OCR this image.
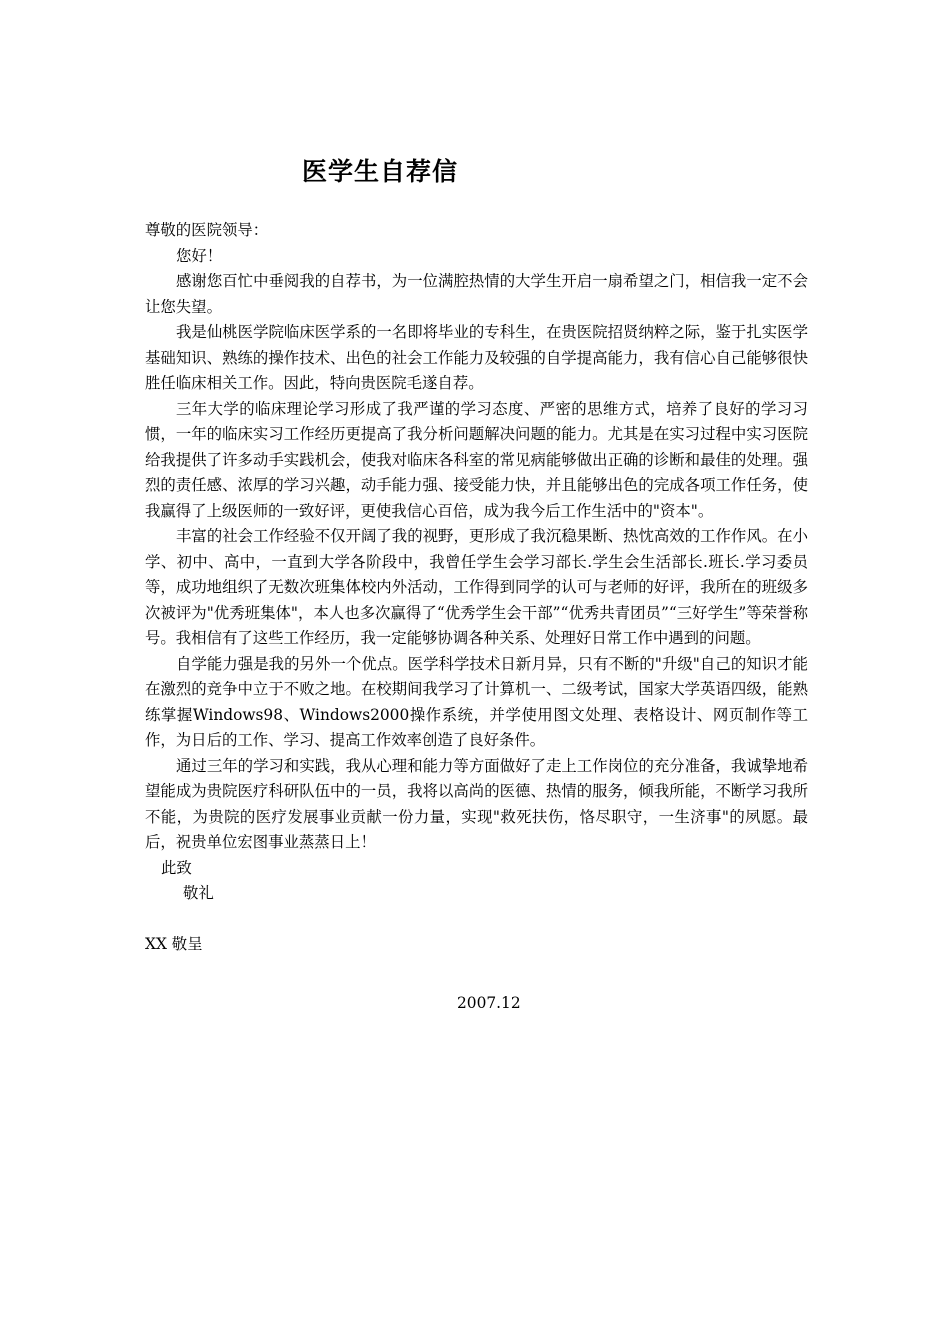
医学生自荐信

尊敬的医院领导：

您好！

感谢您百忙中垂阅我的自荐书，为一位满腔热情的大学生开启一扇希望之门，相信我一定不会让您失望。

我是仙桃医学院临床医学系的一名即将毕业的专科生，在贵医院招贤纳粹之际，鉴于扎实医学基础知识、熟练的操作技术、出色的社会工作能力及较强的自学提高能力，我有信心自己能够很快胜任临床相关工作。因此，特向贵医院毛遂自荐。

三年大学的临床理论学习形成了我严谨的学习态度、严密的思维方式，培养了良好的学习习惯，一年的临床实习工作经历更提高了我分析问题解决问题的能力。尤其是在实习过程中实习医院给我提供了许多动手实践机会，使我对临床各科室的常见病能够做出正确的诊断和最佳的处理。强烈的责任感、浓厚的学习兴趣，动手能力强、接受能力快，并且能够出色的完成各项工作任务，使我赢得了上级医师的一致好评，更使我信心百倍，成为我今后工作生活中的"资本"。

丰富的社会工作经验不仅开阔了我的视野，更形成了我沉稳果断、热忱高效的工作作风。在小学、初中、高中，一直到大学各阶段中，我曾任学生会学习部长.学生会生活部长.班长.学习委员等，成功地组织了无数次班集体校内外活动，工作得到同学的认可与老师的好评，我所在的班级多次被评为"优秀班集体"，本人也多次赢得了“优秀学生会干部”“优秀共青团员”“三好学生”等荣誉称号。我相信有了这些工作经历，我一定能够协调各种关系、处理好日常工作中遇到的问题。

自学能力强是我的另外一个优点。医学科学技术日新月异，只有不断的"升级"自己的知识才能在激烈的竞争中立于不败之地。在校期间我学习了计算机一、二级考试，国家大学英语四级，能熟练掌握Windows98、Windows2000操作系统，并学使用图文处理、表格设计、网页制作等工作，为日后的工作、学习、提高工作效率创造了良好条件。

通过三年的学习和实践，我从心理和能力等方面做好了走上工作岗位的充分准备，我诚挚地希望能成为贵院医疗科研队伍中的一员，我将以高尚的医德、热情的服务，倾我所能，不断学习我所不能，为贵院的医疗发展事业贡献一份力量，实现"救死扶伤，恪尽职守，一生济事"的夙愿。最后，祝贵单位宏图事业蒸蒸日上！

此致

敬礼

XX 敬呈

2007.12
